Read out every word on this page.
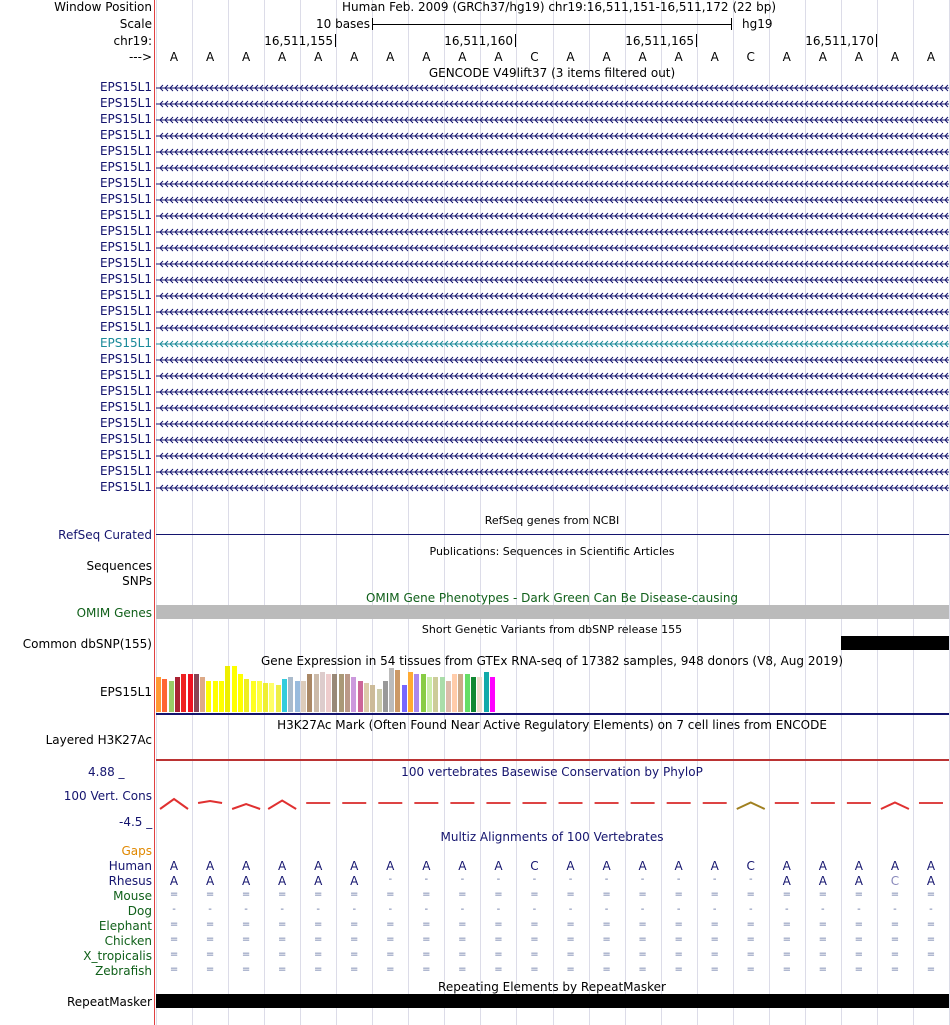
Window Position	Human Feb. 2009 (GRCh37/hg19) chr19:16,511,151-16,511,172 (22 bp)
Scale	10 bases	hg19
chr19:	16,511,155	16,511,160	16,511,165	16,511,170
---> A A A A A A A A A A C A A A A A C A A A A A
GENCODE V49lift37 (3 items filtered out)
EPS15L1
EPS15L1
EPS15L1
EPS15L1
EPS15L1
EPS15L1
EPS15L1
EPS15L1
EPS15L1
EPS15L1
EPS15L1
EPS15L1
EPS15L1
EPS15L1
EPS15L1
EPS15L1
EPS15L1
EPS15L1
EPS15L1
EPS15L1
EPS15L1
EPS15L1
EPS15L1
EPS15L1
EPS15L1
EPS15L1
RefSeq genes from NCBI
RefSeq Curated
Publications: Sequences in Scientific Articles
Sequences
SNPs
OMIM Gene Phenotypes - Dark Green Can Be Disease-causing
OMIM Genes
Short Genetic Variants from dbSNP release 155
Common dbSNP(155)
Gene Expression in 54 tissues from GTEx RNA-seq of 17382 samples, 948 donors (V8, Aug 2019)
EPS15L1
H3K27Ac Mark (Often Found Near Active Regulatory Elements) on 7 cell lines from ENCODE
Layered H3K27Ac
4.88 _	100 vertebrates Basewise Conservation by PhyloP
100 Vert. Cons
-4.5 _
Multiz Alignments of 100 Vertebrates
Gaps
Human A A A A A A A A A A C A A A A A C A A A A A
Rhesus A A A A A A	-	-	-	-	-	-	-	-	-	-	-	A A A C A
Mouse =	=	=	=	=	=	=	=	=	=	=	=	=	=	=	=	=	=	=	=	=	=
Dog -	-	-	-	-	-	-	-	-	-	-	-	-	-	-	-	-	-	-	-	-	-
Elephant =	=	=	=	=	=	=	=	=	=	=	=	=	=	=	=	=	=	=	=	=	=
Chicken =	=	=	=	=	=	=	=	=	=	=	=	=	=	=	=	=	=	=	=	=	=
X_tropicalis =	=	=	=	=	=	=	=	=	=	=	=	=	=	=	=	=	=	=	=	=	=
Zebrafish =	=	=	=	=	=	=	=	=	=	=	=	=	=	=	=	=	=	=	=	=	=
Repeating Elements by RepeatMasker
RepeatMasker
